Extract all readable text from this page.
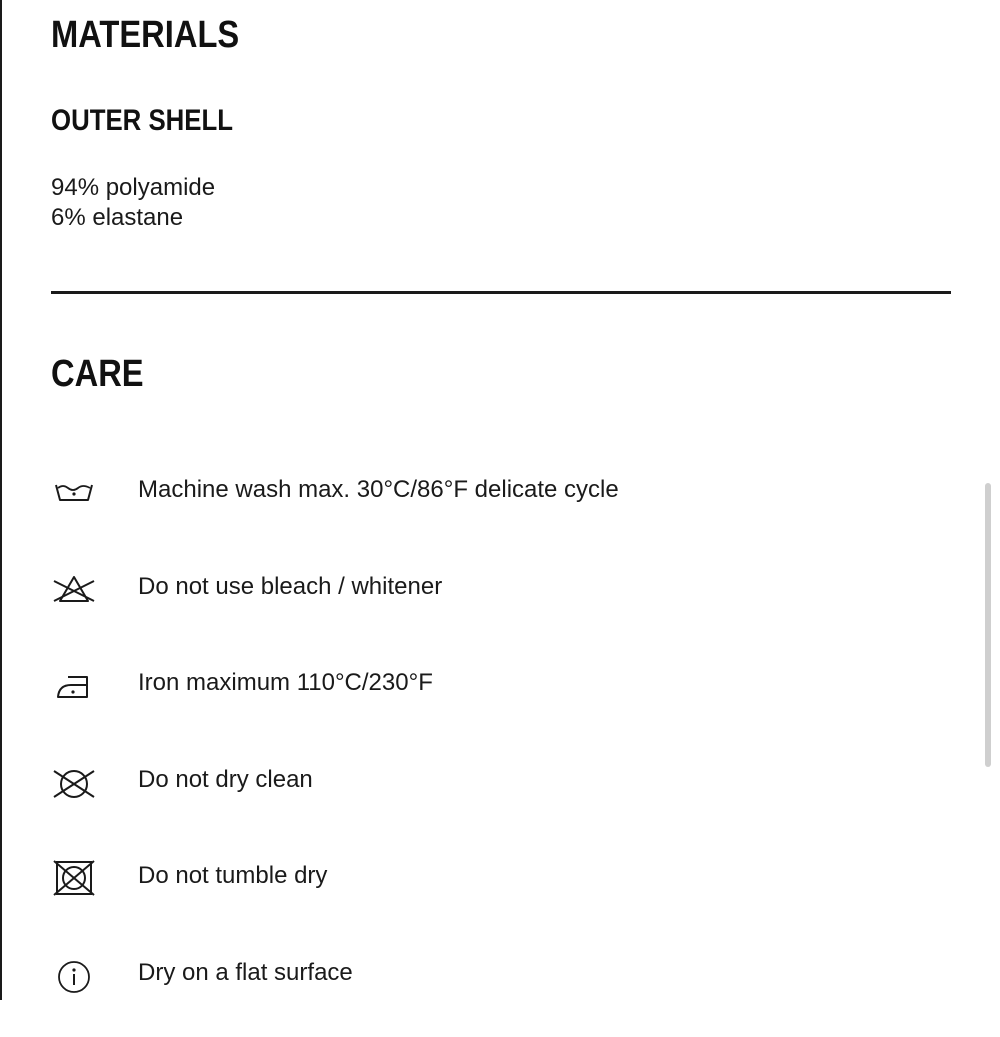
MATERIALS
OUTER SHELL
94% polyamide
6% elastane
CARE
Machine wash max. 30°C/86°F delicate cycle
Do not use bleach / whitener
Iron maximum 110°C/230°F
Do not dry clean
Do not tumble dry
Dry on a flat surface
